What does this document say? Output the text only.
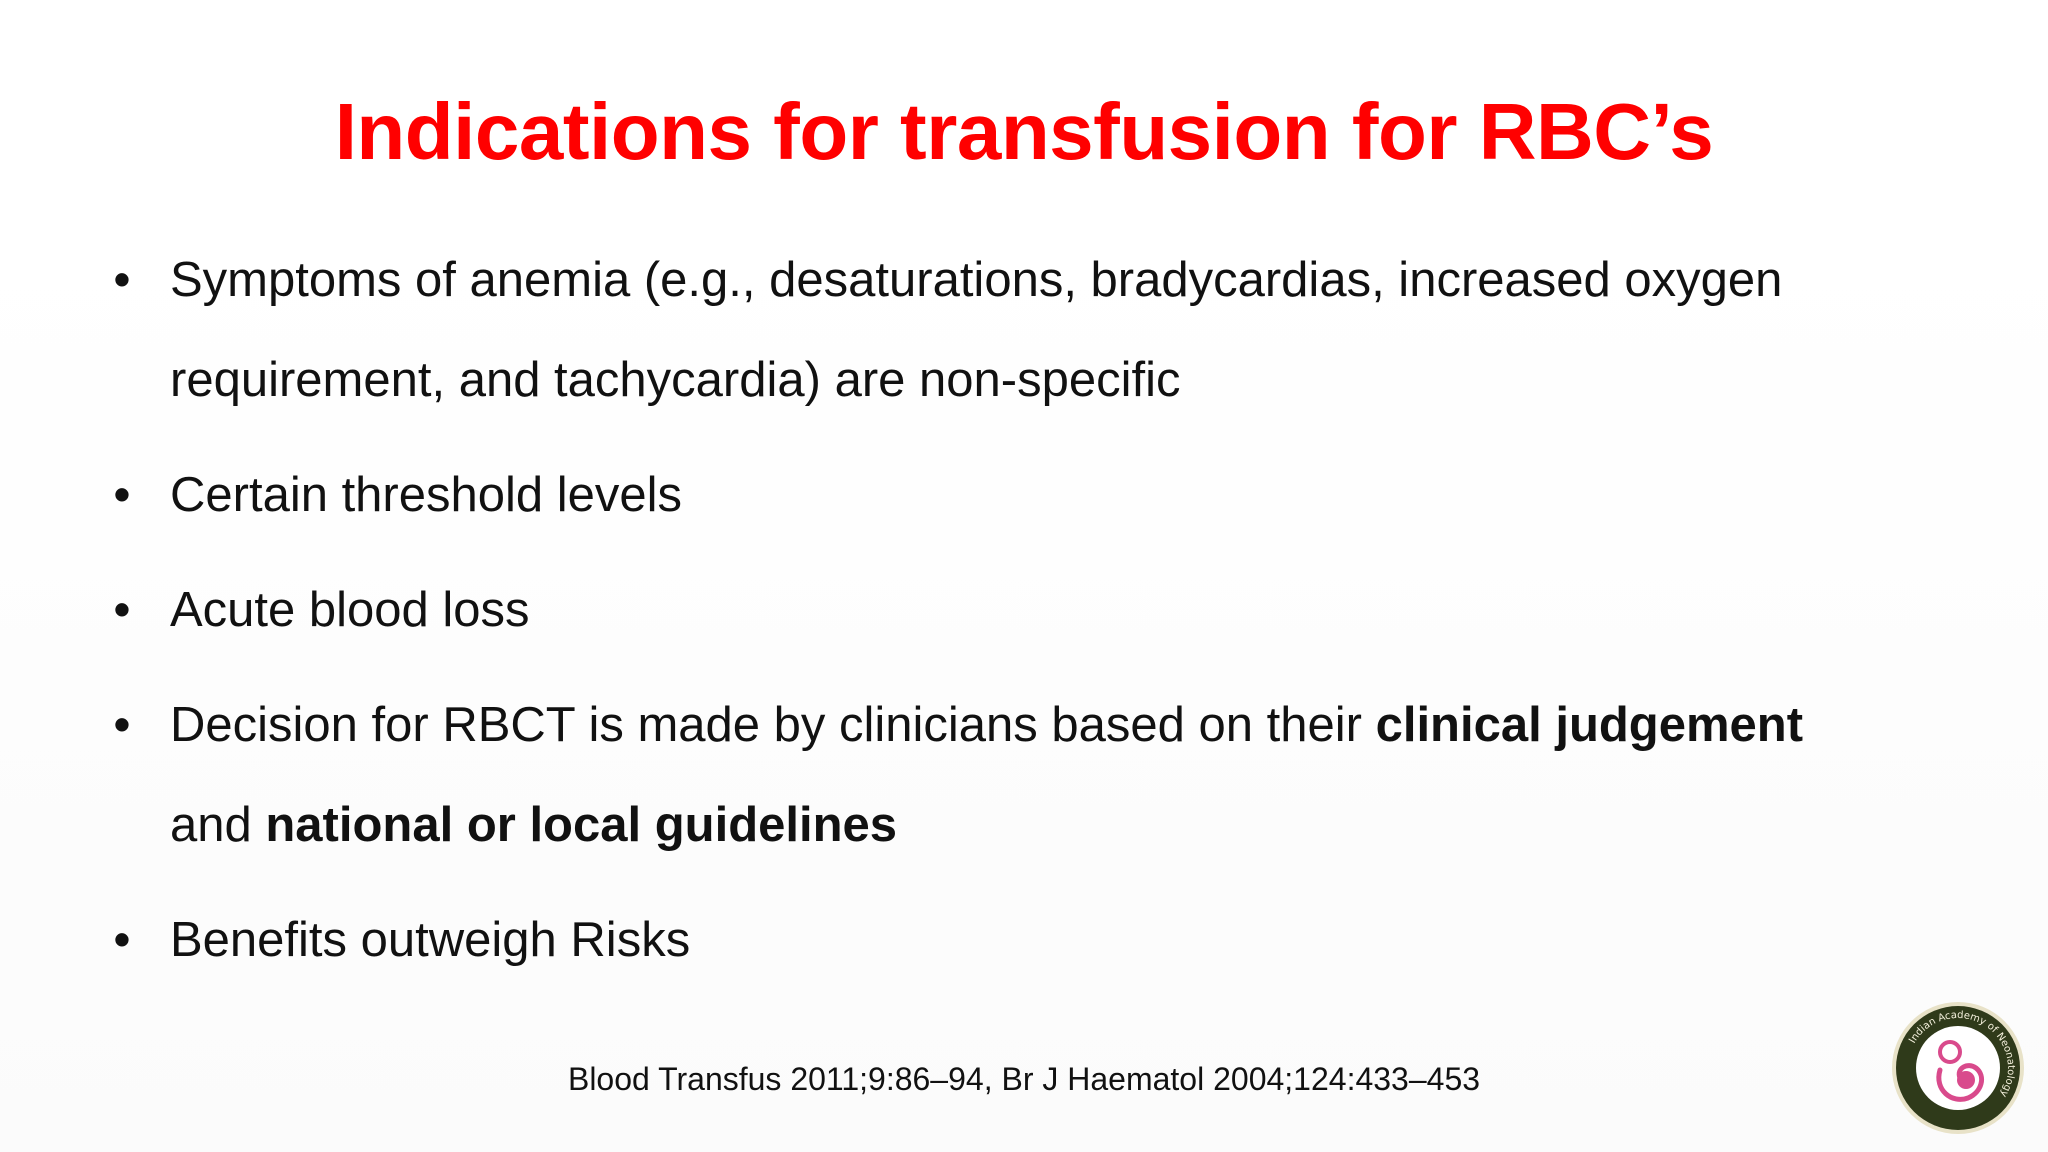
Indications for transfusion for RBC’s
• Symptoms of anemia (e.g., desaturations, bradycardias, increased oxygen
requirement, and tachycardia) are non-specific
• Certain threshold levels
• Acute blood loss
• Decision for RBCT is made by clinicians based on their clinical judgement
and national or local guidelines
• Benefits outweigh Risks
Blood Transfus 2011;9:86–94, Br J Haematol 2004;124:433–453
Indian Academy of Neonatology
